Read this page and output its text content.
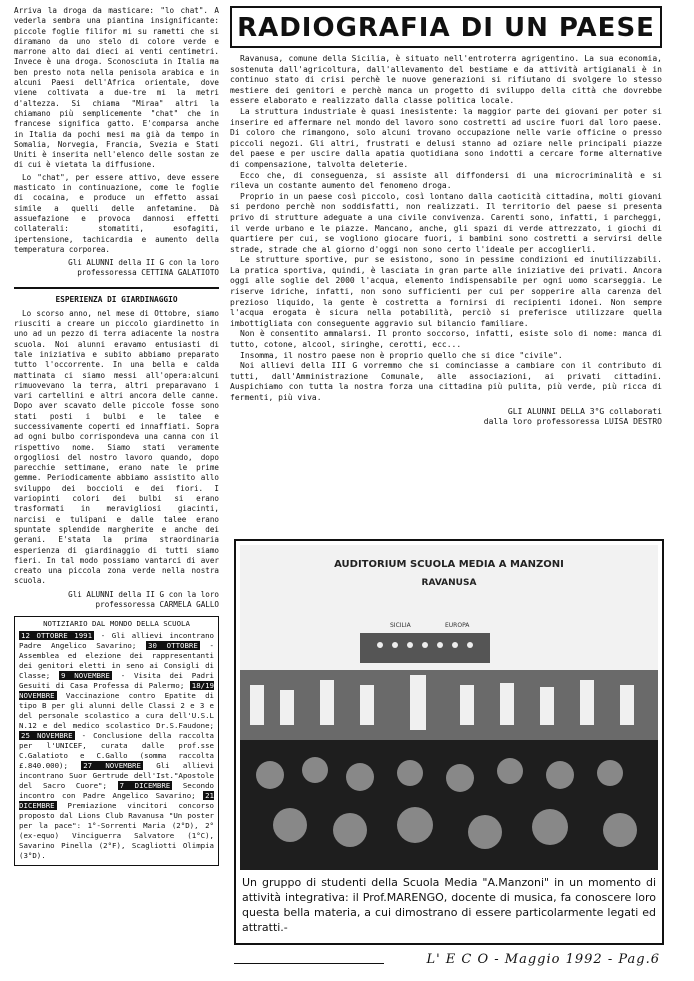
Arriva la droga da masticare: "lo chat". A vederla sembra una piantina insignificante: piccole foglie filifor mi su rametti che si diramano da uno stelo di colore verde e marrone alto dai dieci ai venti centimetri. Invece è una droga. Sconosciuta in Italia ma ben presto nota nella penisola arabica e in alcuni Paesi dell'Africa orientale, dove viene coltivata a due-tre mi la metri d'altezza. Si chiama "Miraa" altri la chiamano più semplicemente "chat" che in francese significa gatto. E'comparsa anche in Italia da pochi mesi ma già da tempo in Somalia, Norvegia, Francia, Svezia e Stati Uniti è inserita nell'elenco delle sostan ze di cui è vietata la diffusione.

Lo "chat", per essere attivo, deve essere masticato in continuazione, come le foglie di cocaina, e produce un effetto assai simile a quelli delle anfetamine. Dà assuefazione e provoca dannosi effetti collaterali: stomatiti, esofagiti, ipertensione, tachicardia e aumento della temperatura corporea.

Gli ALUNNI della II G con la loro professoressa CETTINA GALATIOTO
ESPERIENZA DI GIARDINAGGIO

Lo scorso anno, nel mese di Ottobre, siamo riusciti a creare un piccolo giardinetto in uno ad un pezzo di terra adiacente la nostra scuola. Noi alunni eravamo entusiasti di tale iniziativa e subito abbiamo preparato tutto l'occorrente. In una bella e calda mattinata ci siamo messi all'opera:alcuni rimuovevano la terra, altri preparavano i vari cartellini e altri ancora delle canne. Dopo aver scavato delle piccole fosse sono stati posti i bulbi e le talee e successivamente coperti ed innaffiati. Sopra ad ogni bulbo corrispondeva una canna con il rispettivo nome. Siamo stati veramente orgogliosi del nostro lavoro quando, dopo parecchie settimane, erano nate le prime gemme. Periodicamente abbiamo assistito allo sviluppo dei boccioli e dei fiori. I variopinti colori dei bulbi si erano trasformati in meravigliosi giacinti, narcisi e tulipani e dalle talee erano spuntate splendide margherite e anche dei gerani. E'stata la prima straordinaria esperienza di giardinaggio di tutti siamo fieri. In tal modo possiamo vantarci di aver creato una piccola zona verde nella nostra scuola.

Gli ALUNNI della II G con la loro professoressa CARMELA GALLO
NOTIZIARIO DAL MONDO DELLA SCUOLA
12 OTTOBRE 1991 - Gli allievi incontrano Padre Angelico Savarino; 30 OTTOBRE - Assemblea ed elezione dei rappresentanti dei genitori eletti in seno ai Consigli di Classe; 9 NOVEMBRE - Visita dei Padri Gesuiti di Casa Professa di Palermo; 18/19 NOVEMBRE Vaccinazione contro Epatite di tipo B per gli alunni delle Classi 2 e 3 e del personale scolastico a cura dell'U.S.L N.12 e del medico scolastico Dr.S.Faudone; 25 NOVEMBRE - Conclusione della raccolta per l'UNICEF, curata dalle prof.sse C.Galatioto e C.Gallo (somma raccolta £.840.000); 27 NOVEMBRE Gli allievi incontrano Suor Gertrude dell'Ist."Apostole del Sacro Cuore"; 7 DICEMBRE Secondo incontro con Padre Angelico Savarino; 21 DICEMBRE Premiazione vincitori concorso proposto dal Lions Club Ravanusa "Un poster per la pace": 1°-Sorrenti Maria (2°D), 2°(ex-equo) Vinciguerra Salvatore (1°C), Savarino Pinella (2°F), Scagliotti Olimpia (3°D).
RADIOGRAFIA DI UN PAESE

Ravanusa, comune della Sicilia, è situato nell'entroterra agrigentino. La sua economia, sostenuta dall'agricoltura, dall'allevamento del bestiame e da attività artigianali è in continuo stato di crisi perchè le nuove generazioni si rifiutano di svolgere lo stesso mestiere dei genitori e perchè manca un progetto di sviluppo della città che dovrebbe essere elaborato e realizzato dalla classe politica locale.

La struttura industriale è quasi inesistente: la maggior parte dei giovani per poter si inserire ed affermare nel mondo del lavoro sono costretti ad uscire fuori dal loro paese. Di coloro che rimangono, solo alcuni trovano occupazione nelle varie officine o presso piccoli negozi. Gli altri, frustrati e delusi stanno ad oziare nelle principali piazze del paese e per uscire dalla apatia quotidiana sono indotti a cercare forme alternative di compensazione, talvolta deleterie.

Ecco che, di conseguenza, si assiste all diffondersi di una microcriminalità e si rileva un costante aumento del fenomeno droga.

Proprio in un paese così piccolo, così lontano dalla caoticità cittadina, molti giovani si perdono perchè non soddisfatti, non realizzati. Il territorio del paese si presenta privo di strutture adeguate a una civile convivenza. Carenti sono, infatti, i parcheggi, il verde urbano e le piazze. Mancano, anche, gli spazi di verde attrezzato, i giochi di quartiere per cui, se vogliono giocare fuori, i bambini sono costretti a servirsi delle strade, strade che al giorno d'oggi non sono certo l'ideale per accoglierli.

Le strutture sportive, pur se esistono, sono in pessime condizioni ed inutilizzabili. La pratica sportiva, quindi, è lasciata in gran parte alle iniziative dei privati. Ancora oggi alle soglie del 2000 l'acqua, elemento indispensabile per ogni uomo scarseggia. Le riserve idriche, infatti, non sono sufficienti per cui per sopperire alla carenza del prezioso liquido, la gente è costretta a fornirsi di recipienti idonei. Non sempre l'acqua erogata è sicura nella potabilità, perciò si preferisce utilizzare quella imbottigliata con conseguente aggravio sul bilancio familiare.

Non è consentito ammalarsi. Il pronto soccorso, infatti, esiste solo di nome: manca di tutto, cotone, alcool, siringhe, cerotti, ecc...

Insomma, il nostro paese non è proprio quello che si dice "civile".

Noi allievi della III G vorremmo che si cominciasse a cambiare con il contributo di tutti, dall'Amministrazione Comunale, alle associazioni, ai privati cittadini. Auspichiamo con tutta la nostra forza una cittadina più pulita, più verde, più ricca di fermenti, più viva.

GLI ALUNNI DELLA 3°G collaborati
dalla loro professoressa LUISA DESTRO
AUDITORIUM SCUOLA MEDIA A MANZONI
RAVANUSA
SICILIA	EUROPA
Un gruppo di studenti della Scuola Media "A.Manzoni" in un momento di attività integrativa: il Prof.MARENGO, docente di musica, fa conoscere loro questa bella materia, a cui dimostrano di essere particolarmente legati ed attratti.-
L' E C O - Maggio 1992 - Pag.6
